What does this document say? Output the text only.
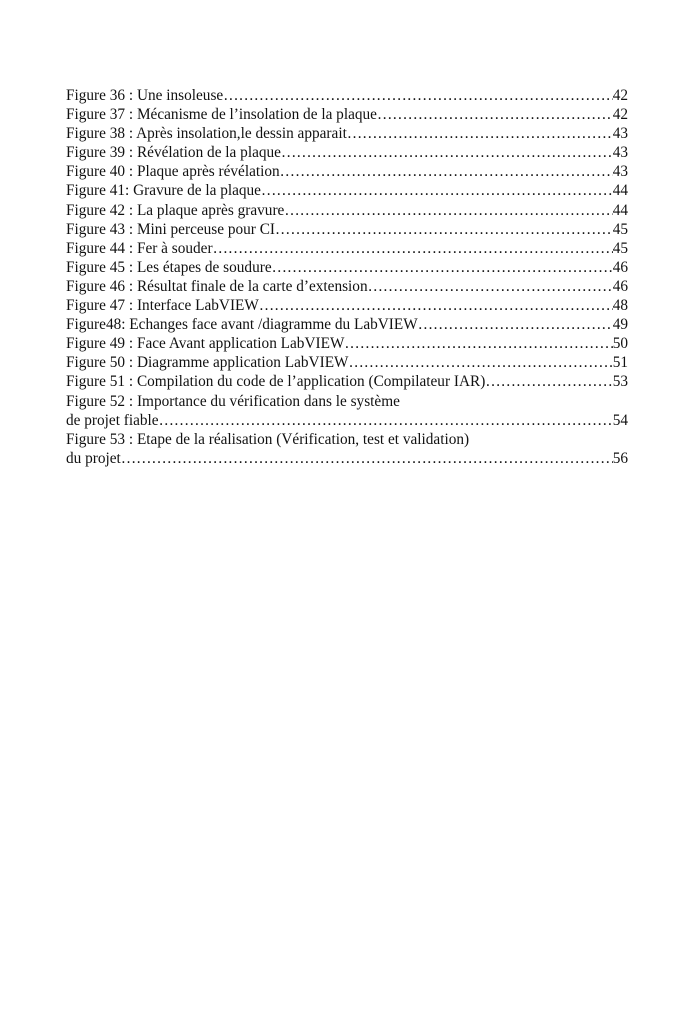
Figure 36 : Une insoleuse ……………………………………………………………………………………………………………………………………………………………………………………	42
Figure 37 : Mécanisme de l’insolation de la plaque ……………………………………………………………………………………………………………………………………………………………………………………	42
Figure 38 : Après insolation,le dessin apparait ……………………………………………………………………………………………………………………………………………………………………………………	43
Figure 39 : Révélation de la plaque ……………………………………………………………………………………………………………………………………………………………………………………	43
Figure 40 : Plaque après révélation ……………………………………………………………………………………………………………………………………………………………………………………	43
Figure 41: Gravure de la plaque ……………………………………………………………………………………………………………………………………………………………………………………	44
Figure 42 : La plaque après gravure ……………………………………………………………………………………………………………………………………………………………………………………	44
Figure 43 : Mini perceuse pour CI ……………………………………………………………………………………………………………………………………………………………………………………	45
Figure 44 : Fer à souder ……………………………………………………………………………………………………………………………………………………………………………………	45
Figure 45 : Les étapes de soudure ……………………………………………………………………………………………………………………………………………………………………………………	46
Figure 46 : Résultat finale de la carte d’extension ……………………………………………………………………………………………………………………………………………………………………………………	46
Figure 47 : Interface LabVIEW ……………………………………………………………………………………………………………………………………………………………………………………	48
Figure48: Echanges face avant /diagramme du LabVIEW ……………………………………………………………………………………………………………………………………………………………………………………	49
Figure 49 : Face Avant application LabVIEW ……………………………………………………………………………………………………………………………………………………………………………………	50
Figure 50 : Diagramme application LabVIEW ……………………………………………………………………………………………………………………………………………………………………………………	51
Figure 51 : Compilation du code de l’application (Compilateur IAR) ……………………………………………………………………………………………………………………………………………………………………………………	53
Figure 52 : Importance du vérification dans le système
de projet fiable ……………………………………………………………………………………………………………………………………………………………………………………	54
Figure 53 : Etape de la réalisation (Vérification, test et validation)
du projet ……………………………………………………………………………………………………………………………………………………………………………………	56
